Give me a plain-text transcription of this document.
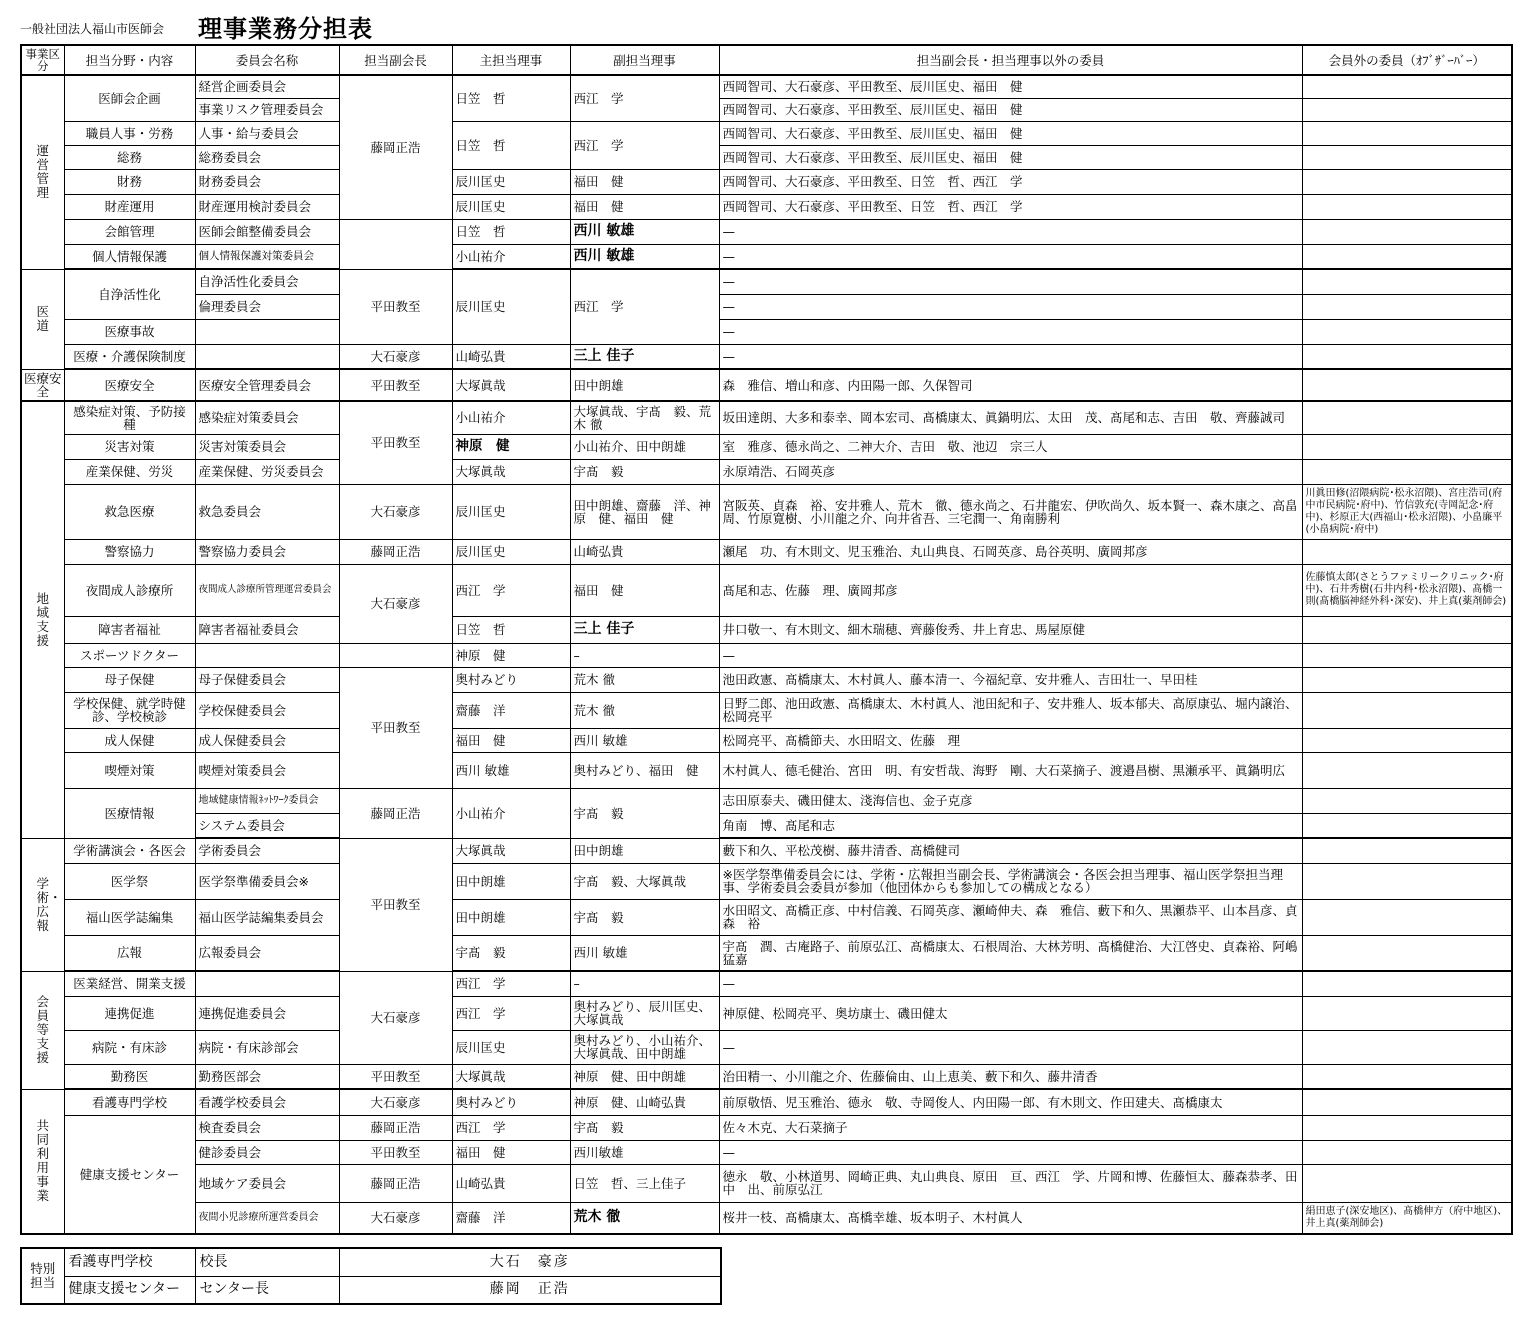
一般社団法人福山市医師会 理事業務分担表
事業区分	担当分野・内容	委員会名称	担当副会長	主担当理事	副担当理事	担当副会長・担当理事以外の委員	会員外の委員（ｵﾌﾞｻﾞｰﾊﾞｰ）
運営管理	医師会企画	経営企画委員会	藤岡正浩	日笠　哲	西江　学	西岡智司、大石豪彦、平田教至、辰川匡史、福田　健	
		事業リスク管理委員会				西岡智司、大石豪彦、平田教至、辰川匡史、福田　健	
	職員人事・労務	人事・給与委員会		日笠　哲	西江　学	西岡智司、大石豪彦、平田教至、辰川匡史、福田　健	
	総務	総務委員会				西岡智司、大石豪彦、平田教至、辰川匡史、福田　健	
	財務	財務委員会		辰川匡史	福田　健	西岡智司、大石豪彦、平田教至、日笠　哲、西江　学	
	財産運用	財産運用検討委員会		辰川匡史	福田　健	西岡智司、大石豪彦、平田教至、日笠　哲、西江　学	
	会館管理	医師会館整備委員会		日笠　哲	西川 敏雄	—	
	個人情報保護	個人情報保護対策委員会		小山祐介	西川 敏雄	—	
医道	自浄活性化	自浄活性化委員会	平田教至	辰川匡史	西江　学	—	
		倫理委員会				—	
	医療事故					—	
	医療・介護保険制度		大石豪彦	山崎弘貴	三上 佳子	—	
医療安全	医療安全	医療安全管理委員会	平田教至	大塚眞哉	田中朗雄	森　雅信、増山和彦、内田陽一郎、久保智司	
地域支援	感染症対策、予防接種	感染症対策委員会	平田教至	小山祐介	大塚眞哉、宇髙　毅、荒木 徹	坂田達朗、大多和泰幸、岡本宏司、髙橋康太、眞鍋明広、太田　茂、髙尾和志、吉田　敬、齊藤誠司	
	災害対策	災害対策委員会		神原　健	小山祐介、田中朗雄	室　雅彦、德永尚之、二神大介、吉田　敬、池辺　宗三人	
	産業保健、労災	産業保健、労災委員会		大塚眞哉	宇髙　毅	永原靖浩、石岡英彦	
	救急医療	救急委員会	大石豪彦	辰川匡史	田中朗雄、齋藤　洋、神原　健、福田　健	宮阪英、貞森　裕、安井雅人、荒木　徹、德永尚之、石井龍宏、伊吹尚久、坂本賢一、森木康之、高畠 周、竹原寛樹、小川龍之介、向井省吾、三宅潤一、角南勝利	川眞田修(沼隈病院･松永沼隈)、宮庄浩司(府中市民病院･府中)、竹信敦充(寺岡記念･府中)、杉原正大(西福山･松永沼隈)、小畠廉平(小畠病院･府中)
	警察協力	警察協力委員会	藤岡正浩	辰川匡史	山崎弘貴	瀬尾　功、有木則文、児玉雅治、丸山典良、石岡英彦、島谷英明、廣岡邦彦	
	夜間成人診療所	夜間成人診療所管理運営委員会	大石豪彦	西江　学	福田　健	髙尾和志、佐藤　理、廣岡邦彦	佐藤慎太郎(さとうファミリークリニック･府中)、石井秀樹(石井内科･松永沼隈)、髙橋一則(髙橋脳神経外科･深安)、井上真(薬剤師会)
	障害者福祉	障害者福祉委員会		日笠　哲	三上 佳子	井口敬一、有木則文、細木瑞穂、齊藤俊秀、井上育忠、馬屋原健	
	スポーツドクター			神原　健	–	—	
	母子保健	母子保健委員会	平田教至	奥村みどり	荒木 徹	池田政憲、髙橋康太、木村眞人、藤本清一、今福紀章、安井雅人、吉田壮一、早田桂	
	学校保健、就学時健診、学校検診	学校保健委員会		齋藤　洋	荒木 徹	日野二郎、池田政憲、髙橋康太、木村眞人、池田紀和子、安井雅人、坂本郁夫、高原康弘、堀内譲治、松岡亮平	
	成人保健	成人保健委員会		福田　健	西川 敏雄	松岡亮平、髙橋節夫、水田昭文、佐藤　理	
	喫煙対策	喫煙対策委員会		西川 敏雄	奥村みどり、福田　健	木村眞人、德毛健治、宮田　明、有安哲哉、海野　剛、大石菜摘子、渡邉昌樹、黒瀬承平、眞鍋明広	
	医療情報	地域健康情報ﾈｯﾄﾜｰｸ委員会	藤岡正浩	小山祐介	宇髙　毅	志田原泰夫、磯田健太、淺海信也、金子克彦	
		システム委員会				角南　博、髙尾和志	
学術・広報	学術講演会・各医会	学術委員会	平田教至	大塚眞哉	田中朗雄	藪下和久、平松茂樹、藤井清香、髙橋健司	
	医学祭	医学祭準備委員会※		田中朗雄	宇髙　毅、大塚眞哉	※医学祭準備委員会には、学術・広報担当副会長、学術講演会・各医会担当理事、福山医学祭担当理事、学術委員会委員が参加（他団体からも参加しての構成となる）	
	福山医学誌編集	福山医学誌編集委員会		田中朗雄	宇髙　毅	水田昭文、髙橋正彦、中村信義、石岡英彦、瀬崎伸夫、森　雅信、藪下和久、黒瀬恭平、山本昌彦、貞森　裕	
	広報	広報委員会		宇髙　毅	西川 敏雄	宇髙　潤、古庵路子、前原弘江、髙橋康太、石根周治、大林芳明、髙橋健治、大江啓史、貞森裕、阿嶋猛嘉	
会員等支援	医業経営、開業支援		大石豪彦	西江　学	–	—	
	連携促進	連携促進委員会		西江　学	奥村みどり、辰川匡史、大塚眞哉	神原健、松岡亮平、奥坊康士、磯田健太	
	病院・有床診	病院・有床診部会		辰川匡史	奥村みどり、小山祐介、大塚眞哉、田中朗雄	—	
	勤務医	勤務医部会	平田教至	大塚眞哉	神原　健、田中朗雄	治田精一、小川龍之介、佐藤倫由、山上恵美、藪下和久、藤井清香	
共同利用事業	看護専門学校	看護学校委員会	大石豪彦	奥村みどり	神原　健、山崎弘貴	前原敬悟、児玉雅治、德永　敬、寺岡俊人、内田陽一郎、有木則文、作田建夫、髙橋康太	
	健康支援センター	検査委員会	藤岡正浩	西江　学	宇髙　毅	佐々木克、大石菜摘子	
		健診委員会	平田教至	福田　健	西川敏雄	—	
		地域ケア委員会	藤岡正浩	山崎弘貴	日笠　哲、三上佳子	徳永　敬、小林道男、岡崎正典、丸山典良、原田　亘、西江　学、片岡和博、佐藤恒太、藤森恭孝、田中　出、前原弘江	
		夜間小児診療所運営委員会	大石豪彦	齋藤　洋	荒木 徹	桜井一枝、髙橋康太、髙橋幸雄、坂本明子、木村眞人	絹田恵子(深安地区)、髙橋伸方（府中地区)、井上真(薬剤師会)
特別担当	看護専門学校	校長	大石　豪彦
	健康支援センター	センター長	藤岡　正浩
